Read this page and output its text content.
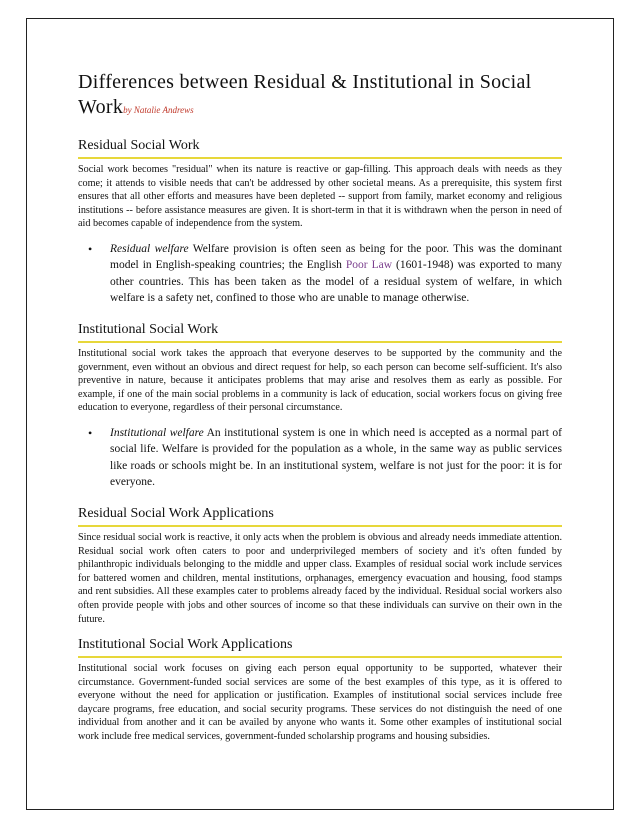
Differences between Residual & Institutional in Social Workby Natalie Andrews
Residual Social Work

Social work becomes "residual" when its nature is reactive or gap-filling. This approach deals with needs as they come; it attends to visible needs that can't be addressed by other societal means. As a prerequisite, this system first ensures that all other efforts and measures have been depleted -- support from family, market economy and religious institutions -- before assistance measures are given. It is short-term in that it is withdrawn when the person in need of aid becomes capable of independence from the system.

•	Residual welfare Welfare provision is often seen as being for the poor. This was the dominant model in English-speaking countries; the English Poor Law (1601-1948) was exported to many other countries. This has been taken as the model of a residual system of welfare, in which welfare is a safety net, confined to those who are unable to manage otherwise.
Institutional Social Work

Institutional social work takes the approach that everyone deserves to be supported by the community and the government, even without an obvious and direct request for help, so each person can become self-sufficient. It's also preventive in nature, because it anticipates problems that may arise and resolves them as early as possible. For example, if one of the main social problems in a community is lack of education, social workers focus on giving free education to everyone, regardless of their personal circumstance.

•	Institutional welfare An institutional system is one in which need is accepted as a normal part of social life. Welfare is provided for the population as a whole, in the same way as public services like roads or schools might be. In an institutional system, welfare is not just for the poor: it is for everyone.
Residual Social Work Applications

Since residual social work is reactive, it only acts when the problem is obvious and already needs immediate attention. Residual social work often caters to poor and underprivileged members of society and it's often funded by philanthropic individuals belonging to the middle and upper class. Examples of residual social work include services for battered women and children, mental institutions, orphanages, emergency evacuation and housing, food stamps and rent subsidies. All these examples cater to problems already faced by the individual. Residual social workers also often provide people with jobs and other sources of income so that these individuals can survive on their own in the future.

Institutional Social Work Applications

Institutional social work focuses on giving each person equal opportunity to be supported, whatever their circumstance. Government-funded social services are some of the best examples of this type, as it is offered to everyone without the need for application or justification. Examples of institutional social services include free daycare programs, free education, and social security programs. These services do not distinguish the need of one individual from another and it can be availed by anyone who wants it. Some other examples of institutional social work include free medical services, government-funded scholarship programs and housing subsidies.
